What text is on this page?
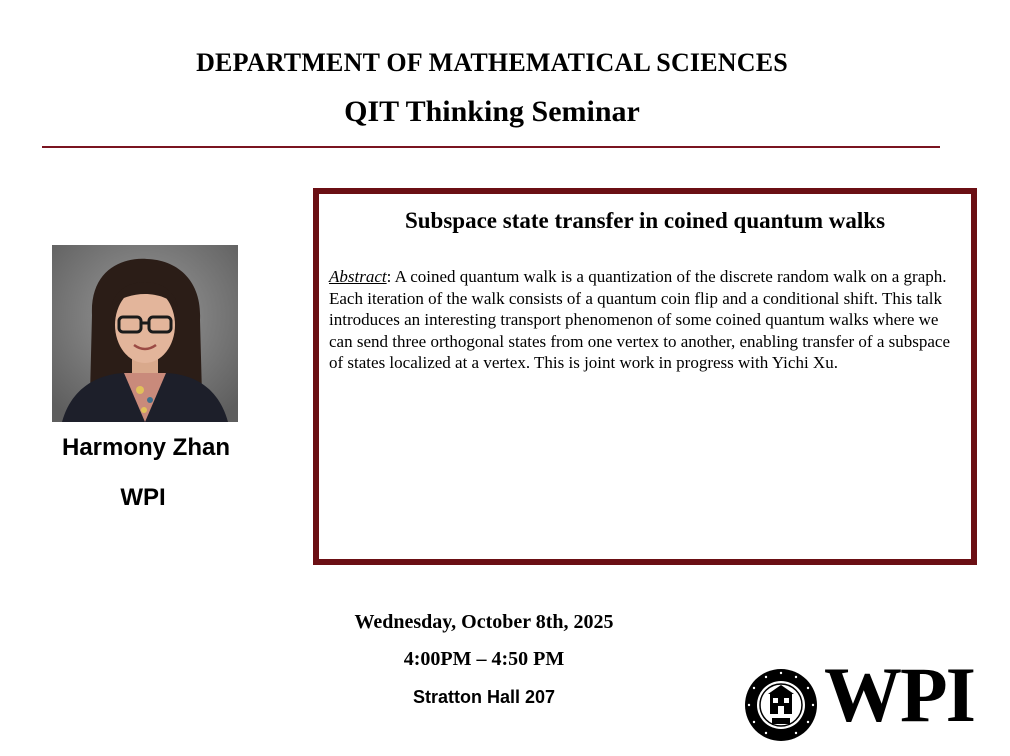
DEPARTMENT OF MATHEMATICAL SCIENCES
QIT Thinking Seminar
Harmony Zhan
WPI
Subspace state transfer in coined quantum walks
Abstract: A coined quantum walk is a quantization of the discrete random walk on a graph. Each iteration of the walk consists of a quantum coin flip and a conditional shift. This talk introduces an interesting transport phenomenon of some coined quantum walks where we can send three orthogonal states from one vertex to another, enabling transfer of a subspace of states localized at a vertex. This is joint work in progress with Yichi Xu.
Wednesday, October 8th, 2025
4:00PM – 4:50 PM
Stratton Hall 207	WPI
